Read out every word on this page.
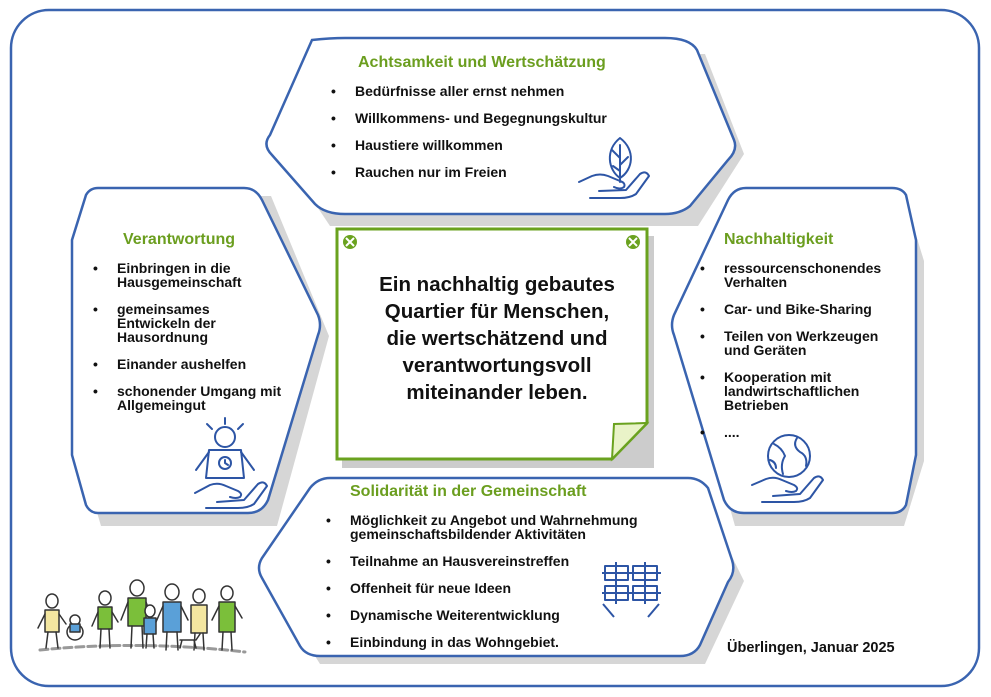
Achtsamkeit und Wertschätzung
• Bedürfnisse aller ernst nehmen
• Willkommens- und Begegnungskultur
• Haustiere willkommen
• Rauchen nur im Freien
Verantwortung
• Einbringen in die Hausgemeinschaft
• gemeinsames Entwickeln der Hausordnung
• Einander aushelfen
• schonender Umgang mit Allgemeingut
Nachhaltigkeit
• ressourcenschonendes Verhalten
• Car- und Bike-Sharing
• Teilen von Werkzeugen und Geräten
• Kooperation mit landwirtschaftlichen Betrieben
• ....
Solidarität in der Gemeinschaft
• Möglichkeit zu Angebot und Wahrnehmung gemeinschaftsbildender Aktivitäten
• Teilnahme an Hausvereinstreffen
• Offenheit für neue Ideen
• Dynamische Weiterentwicklung
• Einbindung in das Wohngebiet.
Ein nachhaltig gebautes
Quartier für Menschen,
die wertschätzend und
verantwortungsvoll
miteinander leben.
Überlingen, Januar 2025
